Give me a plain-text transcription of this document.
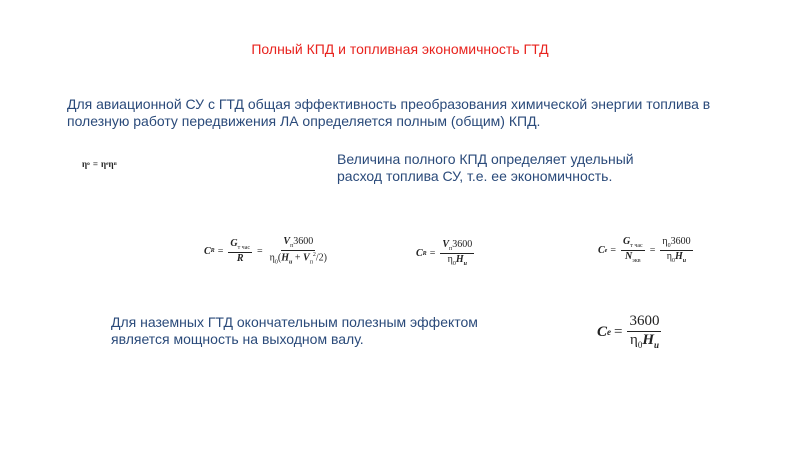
Полный КПД и топливная экономичность ГТД
Для авиационной СУ с ГТД общая эффективность преобразования химической энергии топлива в полезную работу передвижения ЛА определяется полным (общим) КПД.
η о = η е η п	Величина полного КПД определяет удельный расход топлива СУ, т.е. ее экономичность.
C $R = \frac{G_{т час}}{R} = \frac{V_п3600}{\eta_0(H_u + V_п^2/2)}$	C $R = \frac{V_п3600}{\eta_0H_u}$	C $e = \frac{G_{т час}}{N_{экв}} = \frac{\eta_03600}{\eta_0H_u}$
Для наземных ГТД окончательным полезным эффектом является мощность на выходном валу.	C $e = \frac{3600}{\eta_0H_u}$
